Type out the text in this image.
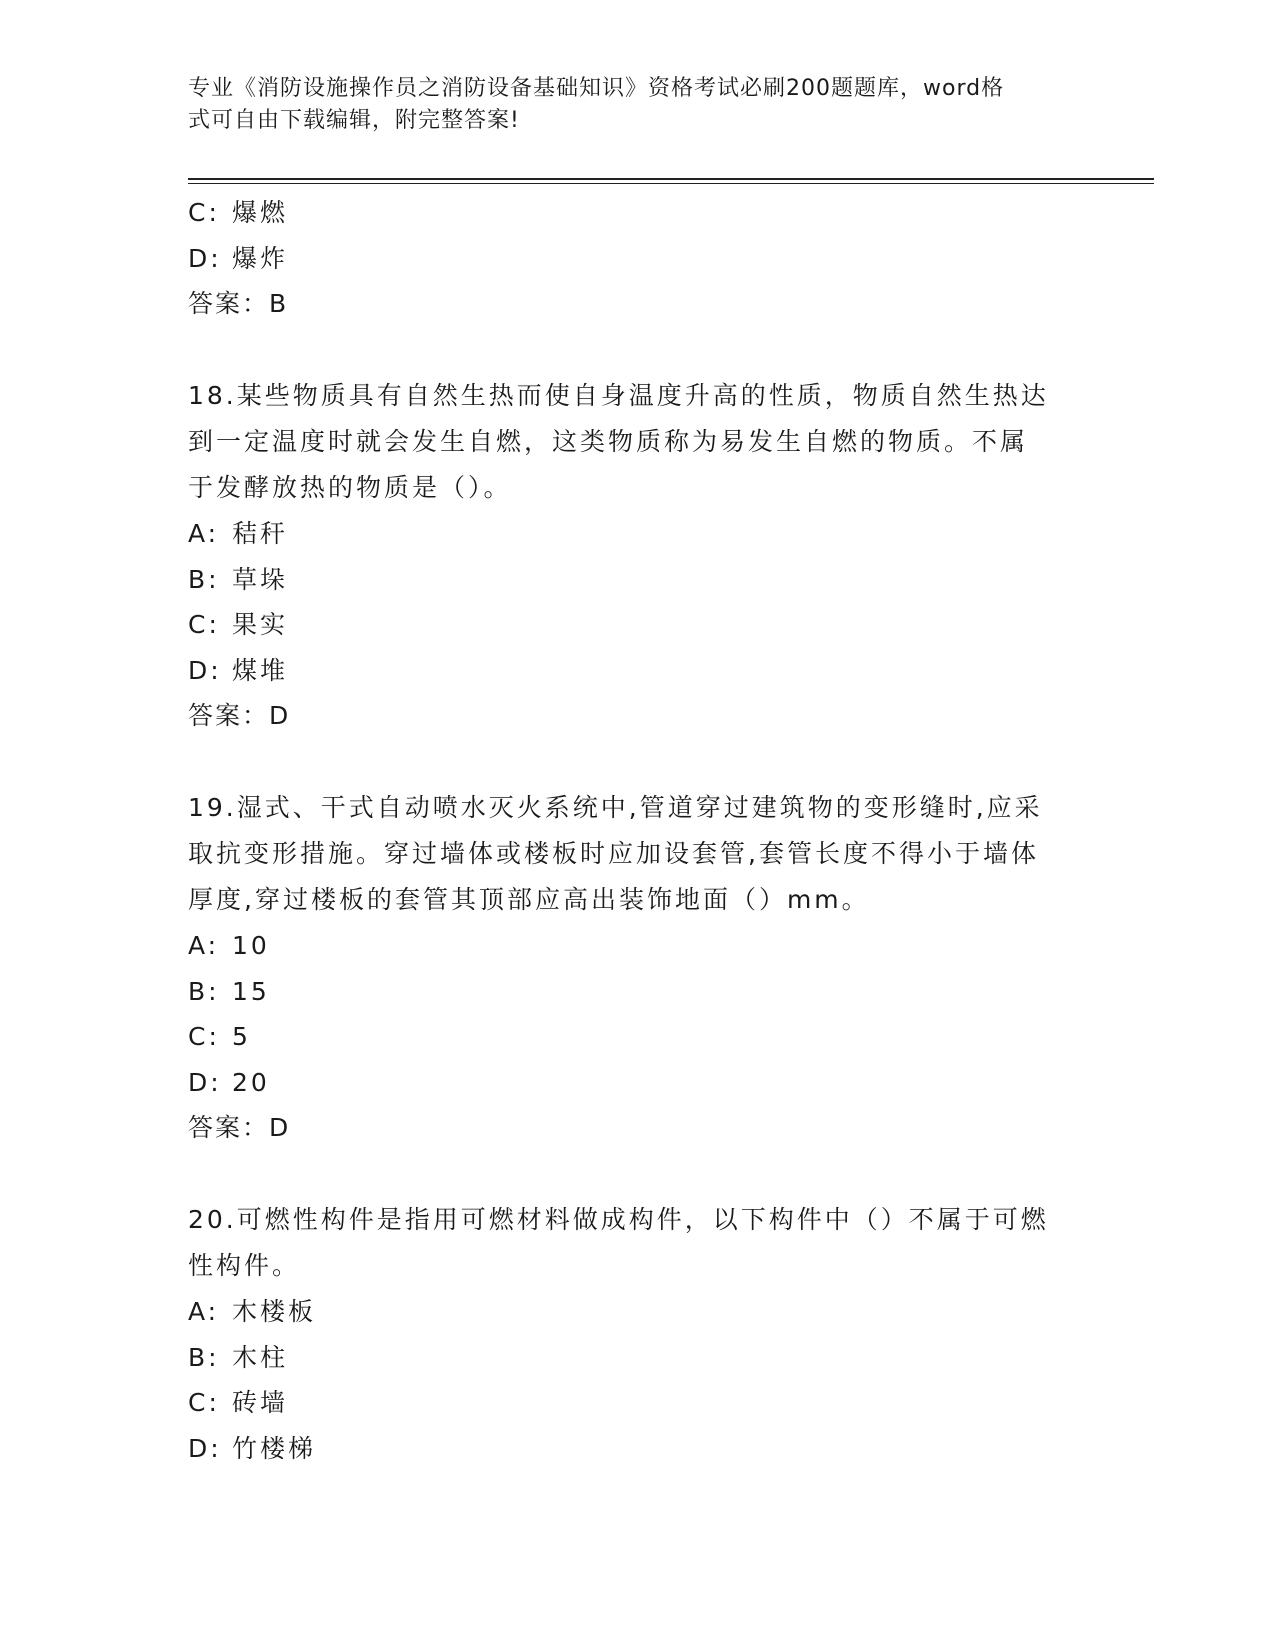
专业《消防设施操作员之消防设备基础知识》资格考试必刷200题题库，word格
式可自由下载编辑，附完整答案!
C: 爆燃
D: 爆炸
答案：B
18.某些物质具有自然生热而使自身温度升高的性质，物质自然生热达
到一定温度时就会发生自燃，这类物质称为易发生自燃的物质。不属
于发酵放热的物质是（）。
A: 秸秆
B: 草垛
C: 果实
D: 煤堆
答案：D
19.湿式、干式自动喷水灭火系统中,管道穿过建筑物的变形缝时,应采
取抗变形措施。穿过墙体或楼板时应加设套管,套管长度不得小于墙体
厚度,穿过楼板的套管其顶部应高出装饰地面（）mm。
A: 10
B: 15
C: 5
D: 20
答案：D
20.可燃性构件是指用可燃材料做成构件，以下构件中（）不属于可燃
性构件。
A: 木楼板
B: 木柱
C: 砖墙
D: 竹楼梯
